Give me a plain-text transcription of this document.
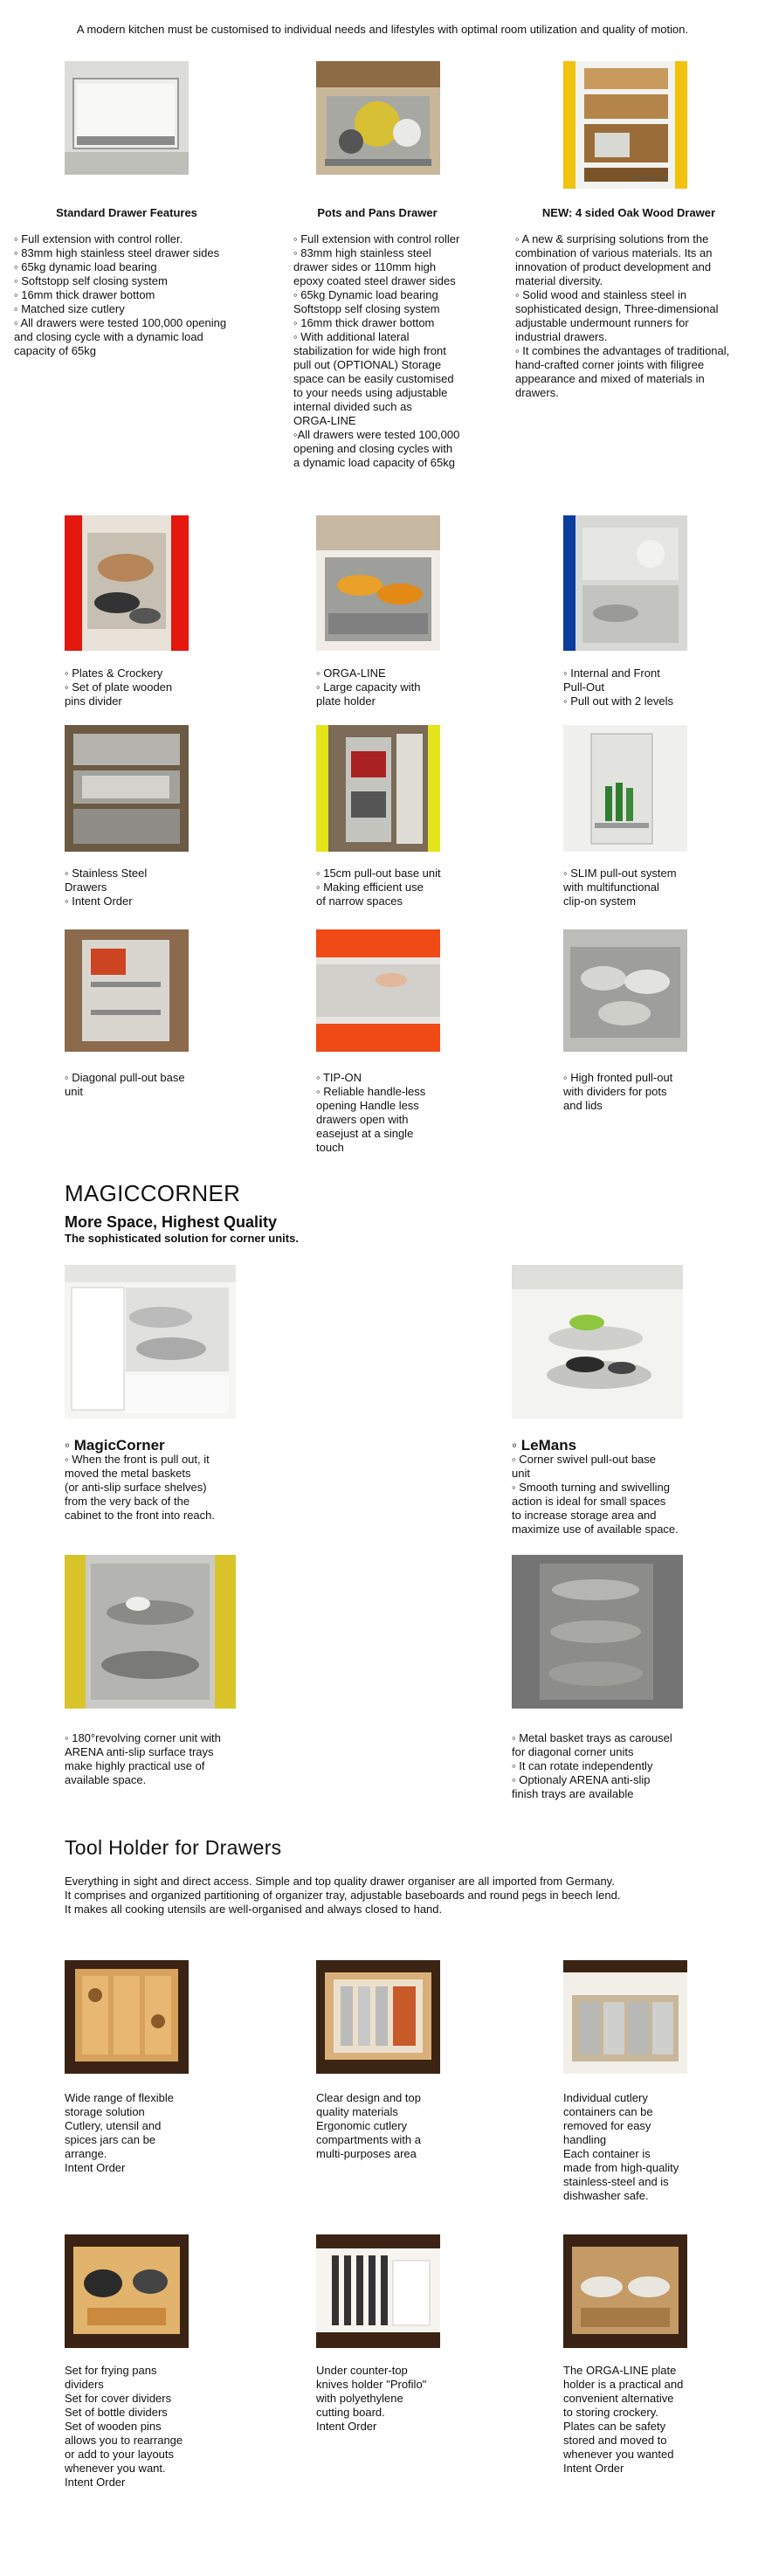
A modern kitchen must be customised to individual needs and lifestyles with optimal room utilization and quality of motion.
DRAWER 4 SIDE
Standard Drawer Features	Pots and Pans Drawer	NEW: 4 sided Oak Wood Drawer

◦ Full extension with control roller.

◦ 83mm high stainless steel drawer sides

◦ 65kg dynamic load bearing

◦ Softstopp self closing system

◦ 16mm thick drawer bottom

◦ Matched size cutlery

◦ All drawers were tested 100,000 opening

and closing cycle with a dynamic load

capacity of 65kg

◦ Full extension with control roller

◦ 83mm high stainless steel

drawer sides or 110mm high

epoxy coated steel drawer sides

◦ 65kg Dynamic load bearing

Softstopp self closing system

◦ 16mm thick drawer bottom

◦ With additional lateral

stabilization for wide high front

pull out (OPTIONAL) Storage

space can be easily customised

to your needs using adjustable

internal divided such as

ORGA-LINE

◦All drawers were tested 100,000

opening and closing cycles with

a dynamic load capacity of 65kg

◦ A new & surprising solutions from the

combination of various materials. Its an

innovation of product development and

material diversity.

◦ Solid wood and stainless steel in

sophisticated design, Three-dimensional

adjustable undermount runners for

industrial drawers.

◦ It combines the advantages of traditional,

hand-crafted corner joints with filigree

appearance and mixed of materials in

drawers.

◦ Plates & Crockery
◦ Set of plate wooden
pins divider

◦ ORGA-LINE
◦ Large capacity with
plate holder

◦ Internal and Front
Pull-Out
◦ Pull out with 2 levels

◦ Stainless Steel
Drawers
◦ Intent Order

◦ 15cm pull-out base unit
◦ Making efficient use
of narrow spaces

◦ SLIM pull-out system
with multifunctional
clip-on system

◦ Diagonal pull-out base
unit

◦ TIP-ON
◦ Reliable handle-less
opening Handle less
drawers open with
easejust at a single
touch

◦ High fronted pull-out
with dividers for pots
and lids

MAGICCORNER
More Space, Highest Quality
The sophisticated solution for corner units.

◦ MagicCorner

◦ When the front is pull out, it
moved the metal baskets
(or anti-slip surface shelves)
from the very back of the
cabinet to the front into reach.

◦ LeMans

◦ Corner swivel pull-out base
unit
◦ Smooth turning and swivelling
action is ideal for small spaces
to increase storage area and
maximize use of available space.

◦ 180°revolving corner unit with
ARENA anti-slip surface trays
make highly practical use of
available space.

◦ Metal basket trays as carousel
for diagonal corner units
◦ It can rotate independently
◦ Optionaly ARENA anti-slip
finish trays are available

Tool Holder for Drawers

Everything in sight and direct access. Simple and top quality drawer organiser are all imported from Germany.

It comprises and organized partitioning of organizer tray, adjustable baseboards and round pegs in beech lend.

It makes all cooking utensils are well-organised and always closed to hand.

Wide range of flexible
storage solution
Cutlery, utensil and
spices jars can be
arrange.
Intent Order

Clear design and top
quality materials
Ergonomic cutlery
compartments with a
multi-purposes area

Individual cutlery
containers can be
removed for easy
handling
Each container is
made from high-quality
stainless-steel and is
dishwasher safe.

Set for frying pans
dividers
Set for cover dividers
Set of bottle dividers
Set of wooden pins
allows you to rearrange
or add to your layouts
whenever you want.
Intent Order

Under counter-top
knives holder "Profilo"
with polyethylene
cutting board.
Intent Order

The ORGA-LINE plate
holder is a practical and
convenient alternative
to storing crockery.
Plates can be safety
stored and moved to
whenever you wanted
Intent Order
